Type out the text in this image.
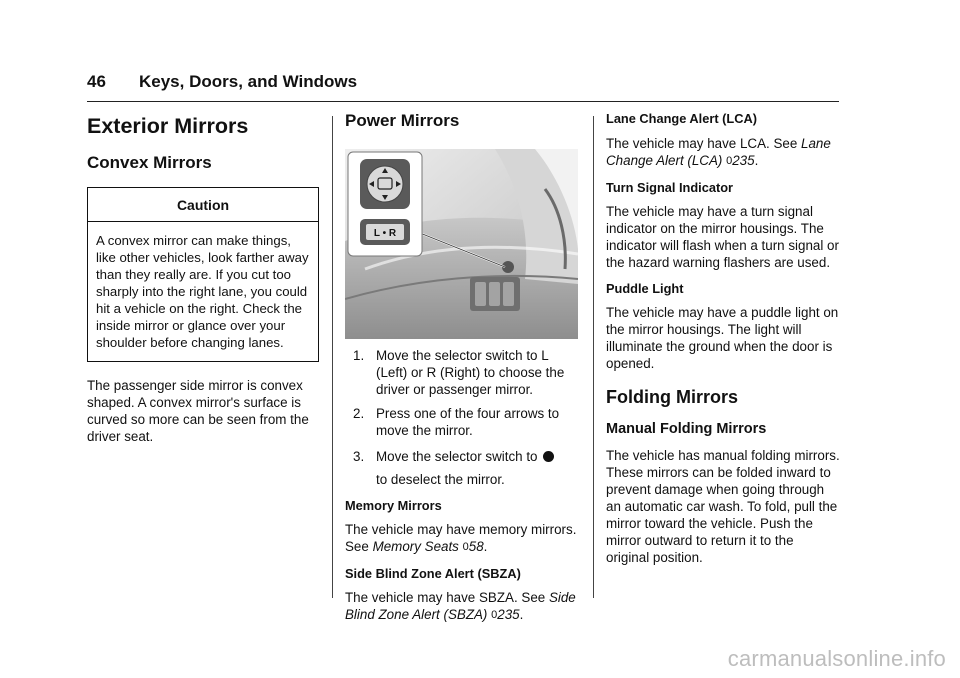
46 Keys, Doors, and Windows
Exterior Mirrors
Convex Mirrors
Caution
A convex mirror can make things, like other vehicles, look farther away than they really are. If you cut too sharply into the right lane, you could hit a vehicle on the right. Check the inside mirror or glance over your shoulder before changing lanes.
The passenger side mirror is convex shaped. A convex mirror's surface is curved so more can be seen from the driver seat.
Power Mirrors
L • R
1. Move the selector switch to L (Left) or R (Right) to choose the driver or passenger mirror.
2. Press one of the four arrows to move the mirror.
3. Move the selector switch to
to deselect the mirror.
Memory Mirrors
The vehicle may have memory mirrors. See Memory Seats 058.
Side Blind Zone Alert (SBZA)
The vehicle may have SBZA. See Side Blind Zone Alert (SBZA) 0235.
Lane Change Alert (LCA)
The vehicle may have LCA. See Lane Change Alert (LCA) 0235.
Turn Signal Indicator
The vehicle may have a turn signal indicator on the mirror housings. The indicator will flash when a turn signal or the hazard warning flashers are used.
Puddle Light
The vehicle may have a puddle light on the mirror housings. The light will illuminate the ground when the door is opened.
Folding Mirrors
Manual Folding Mirrors
The vehicle has manual folding mirrors. These mirrors can be folded inward to prevent damage when going through an automatic car wash. To fold, pull the mirror toward the vehicle. Push the mirror outward to return it to the original position.
carmanualsonline.info
